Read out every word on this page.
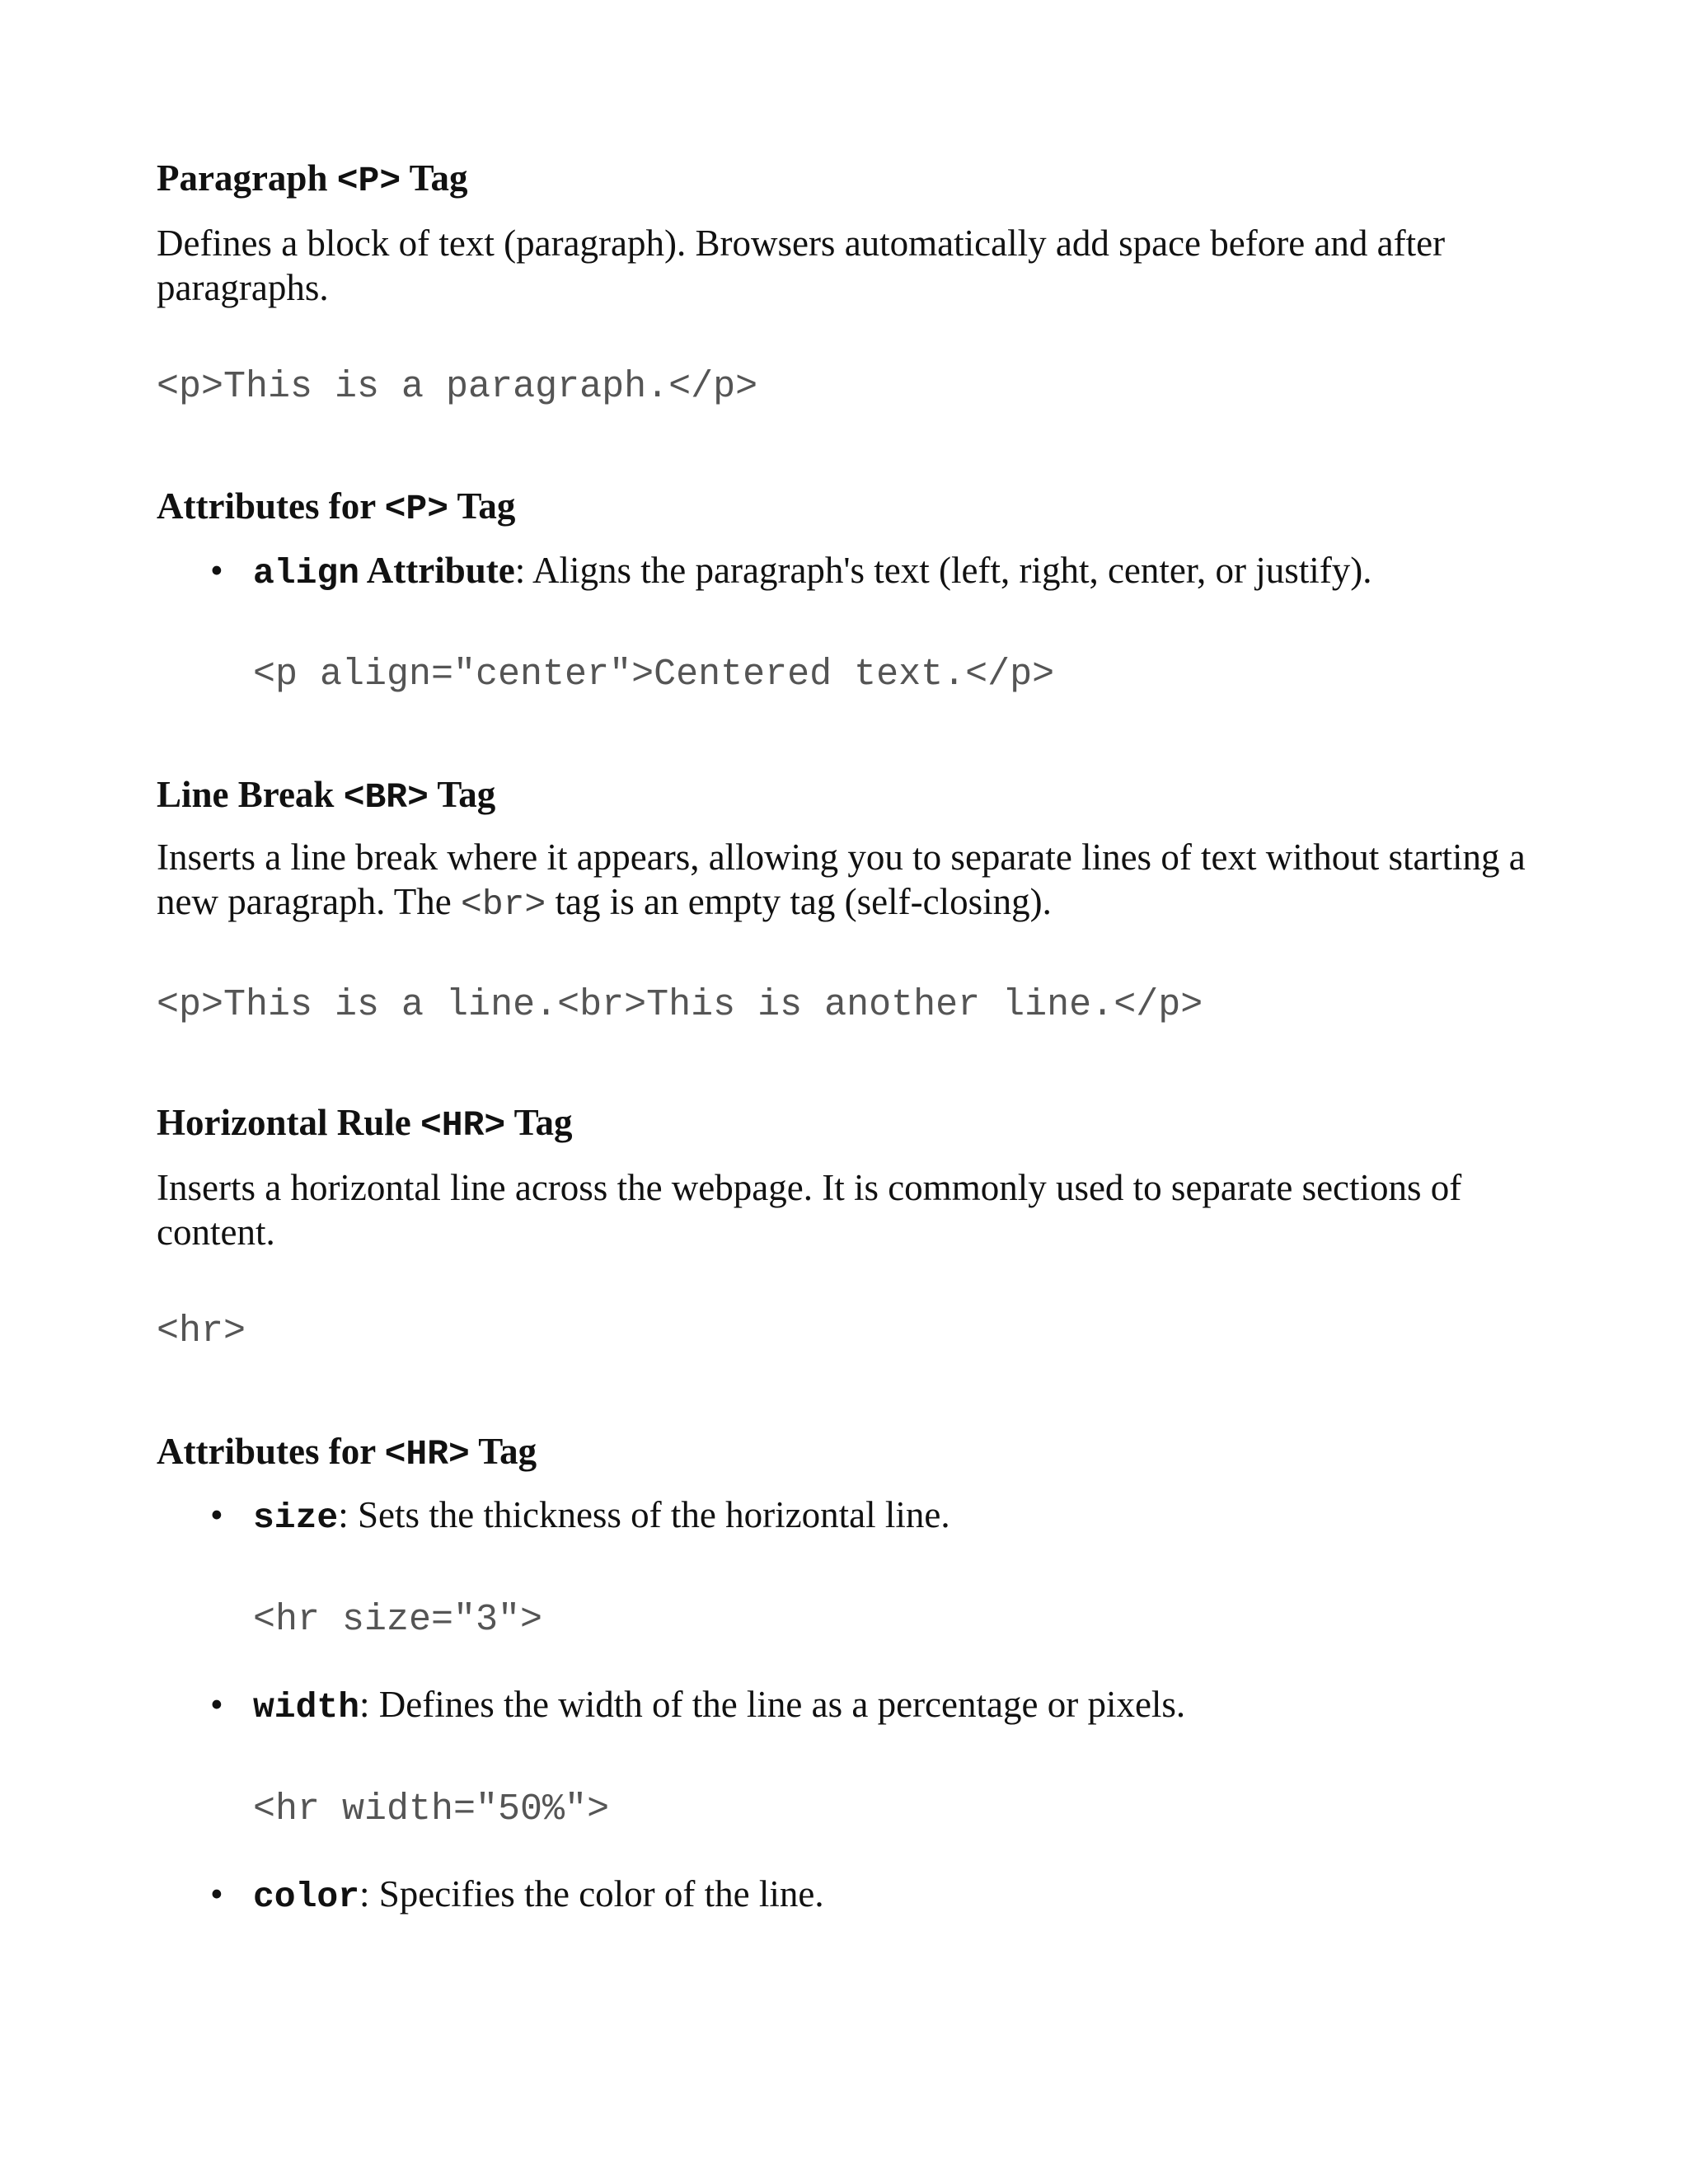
Paragraph <P> Tag

Defines a block of text (paragraph). Browsers automatically add space before and after paragraphs.

<p>This is a paragraph.</p>
Attributes for <P> Tag
• align Attribute: Aligns the paragraph's text (left, right, center, or justify).
<p align="center">Centered text.</p>
Line Break <BR> Tag

Inserts a line break where it appears, allowing you to separate lines of text without starting a new paragraph. The <br> tag is an empty tag (self-closing).

<p>This is a line.<br>This is another line.</p>
Horizontal Rule <HR> Tag

Inserts a horizontal line across the webpage. It is commonly used to separate sections of content.

<hr>
Attributes for <HR> Tag
• size: Sets the thickness of the horizontal line.
<hr size="3">
• width: Defines the width of the line as a percentage or pixels.
<hr width="50%">
• color: Specifies the color of the line.
